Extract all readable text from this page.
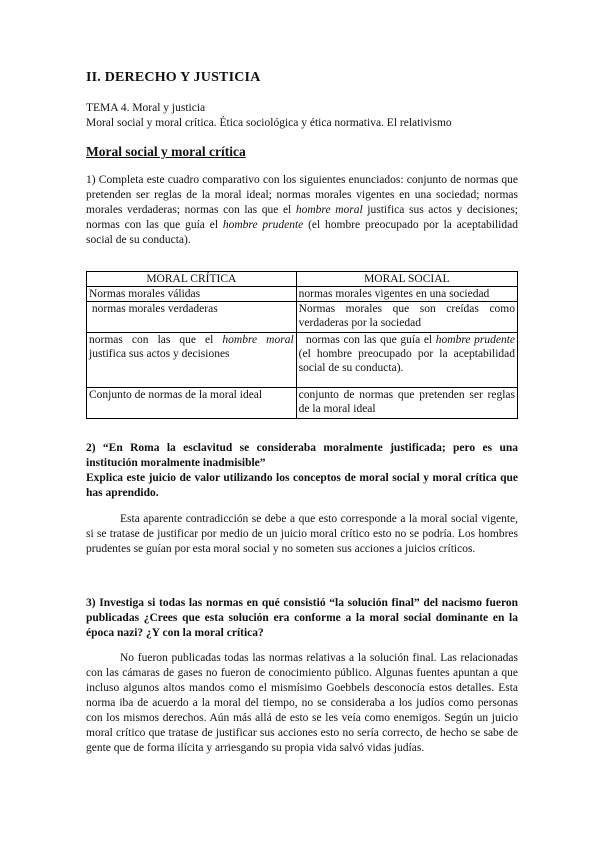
II. DERECHO Y JUSTICIA
TEMA 4. Moral y justicia
Moral social y moral crítica. Ética sociológica y ética normativa. El relativismo
Moral social y moral crítica
1) Completa este cuadro comparativo con los siguientes enunciados: conjunto de normas que pretenden ser reglas de la moral ideal; normas morales vigentes en una sociedad; normas morales verdaderas; normas con las que el hombre moral justifica sus actos y decisiones; normas con las que guía el hombre prudente (el hombre preocupado por la aceptabilidad social de su conducta).
MORAL CRÍTICA	MORAL SOCIAL
Normas morales válidas	normas morales vigentes en una sociedad
normas morales verdaderas	Normas morales que son creídas como verdaderas por la sociedad
normas con las que el hombre moral justifica sus actos y decisiones	normas con las que guía el hombre prudente (el hombre preocupado por la aceptabilidad social de su conducta).
Conjunto de normas de la moral ideal	conjunto de normas que pretenden ser reglas de la moral ideal
2) “En Roma la esclavitud se consideraba moralmente justificada; pero es una institución moralmente inadmisible”
Explica este juicio de valor utilizando los conceptos de moral social y moral crítica que has aprendido.
Esta aparente contradicción se debe a que esto corresponde a la moral social vigente, si se tratase de justificar por medio de un juicio moral crítico esto no se podría. Los hombres prudentes se guían por esta moral social y no someten sus acciones a juicios críticos.
3) Investiga si todas las normas en qué consistió “la solución final” del nacismo fueron publicadas ¿Crees que esta solución era conforme a la moral social dominante en la época nazi? ¿Y con la moral crítica?
No fueron publicadas todas las normas relativas a la solución final. Las relacionadas con las cámaras de gases no fueron de conocimiento público. Algunas fuentes apuntan a que incluso algunos altos mandos como el mismísimo Goebbels desconocía estos detalles. Esta norma iba de acuerdo a la moral del tiempo, no se consideraba a los judíos como personas con los mismos derechos. Aún más allá de esto se les veía como enemigos. Según un juicio moral crítico que tratase de justificar sus acciones esto no sería correcto, de hecho se sabe de gente que de forma ilícita y arriesgando su propia vida salvó vidas judías.
